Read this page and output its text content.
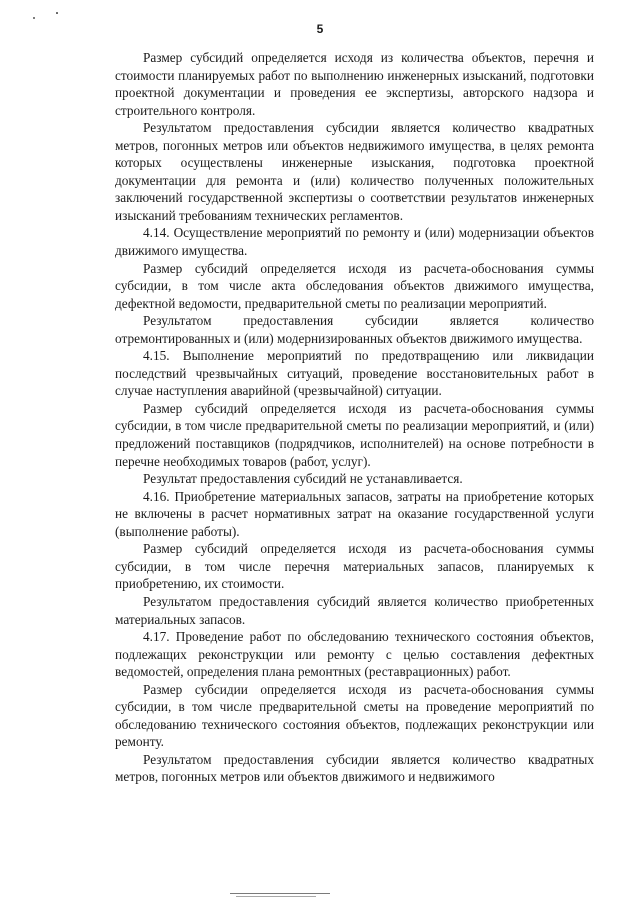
5

Размер субсидий определяется исходя из количества объектов, перечня и стоимости планируемых работ по выполнению инженерных изысканий, подготовки проектной документации и проведения ее экспертизы, авторского надзора и строительного контроля.

Результатом предоставления субсидии является количество квадратных метров, погонных метров или объектов недвижимого имущества, в целях ремонта которых осуществлены инженерные изыскания, подготовка проектной документации для ремонта и (или) количество полученных положительных заключений государственной экспертизы о соответствии результатов инженерных изысканий требованиям технических регламентов.

4.14. Осуществление мероприятий по ремонту и (или) модернизации объектов движимого имущества.

Размер субсидий определяется исходя из расчета-обоснования суммы субсидии, в том числе акта обследования объектов движимого имущества, дефектной ведомости, предварительной сметы по реализации мероприятий.

Результатом предоставления субсидии является количество отремонтированных и (или) модернизированных объектов движимого имущества.

4.15. Выполнение мероприятий по предотвращению или ликвидации последствий чрезвычайных ситуаций, проведение восстановительных работ в случае наступления аварийной (чрезвычайной) ситуации.

Размер субсидий определяется исходя из расчета-обоснования суммы субсидии, в том числе предварительной сметы по реализации мероприятий, и (или) предложений поставщиков (подрядчиков, исполнителей) на основе потребности в перечне необходимых товаров (работ, услуг).

Результат предоставления субсидий не устанавливается.

4.16. Приобретение материальных запасов, затраты на приобретение которых не включены в расчет нормативных затрат на оказание государственной услуги (выполнение работы).

Размер субсидий определяется исходя из расчета-обоснования суммы субсидии, в том числе перечня материальных запасов, планируемых к приобретению, их стоимости.

Результатом предоставления субсидий является количество приобретенных материальных запасов.

4.17. Проведение работ по обследованию технического состояния объектов, подлежащих реконструкции или ремонту с целью составления дефектных ведомостей, определения плана ремонтных (реставрационных) работ.

Размер субсидии определяется исходя из расчета-обоснования суммы субсидии, в том числе предварительной сметы на проведение мероприятий по обследованию технического состояния объектов, подлежащих реконструкции или ремонту.

Результатом предоставления субсидии является количество квадратных метров, погонных метров или объектов движимого и недвижимого
